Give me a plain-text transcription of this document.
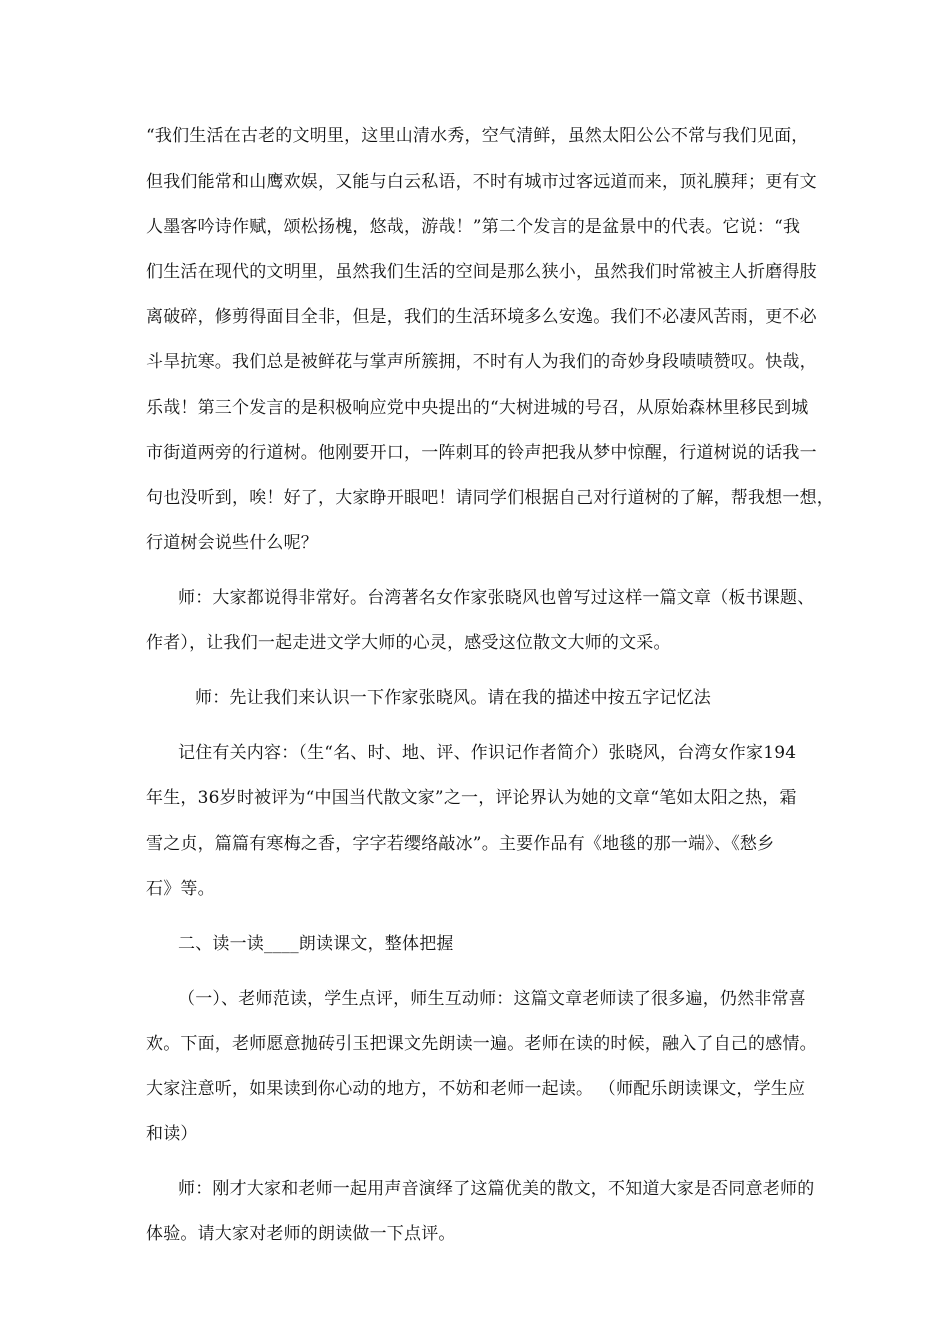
“我们生活在古老的文明里，这里山清水秀，空气清鲜，虽然太阳公公不常与我们见面，
但我们能常和山鹰欢娱，又能与白云私语，不时有城市过客远道而来，顶礼膜拜；更有文
人墨客吟诗作赋，颂松扬槐，悠哉，游哉！”第二个发言的是盆景中的代表。它说：“我
们生活在现代的文明里，虽然我们生活的空间是那么狭小，虽然我们时常被主人折磨得肢
离破碎，修剪得面目全非，但是，我们的生活环境多么安逸。我们不必凄风苦雨，更不必
斗旱抗寒。我们总是被鲜花与掌声所簇拥，不时有人为我们的奇妙身段啧啧赞叹。快哉，
乐哉！第三个发言的是积极响应党中央提出的“大树进城的号召，从原始森林里移民到城
市街道两旁的行道树。他刚要开口，一阵刺耳的铃声把我从梦中惊醒，行道树说的话我一
句也没听到，唉！好了，大家睁开眼吧！请同学们根据自己对行道树的了解，帮我想一想，
行道树会说些什么呢？
师：大家都说得非常好。台湾著名女作家张晓风也曾写过这样一篇文章（板书课题、
作者），让我们一起走进文学大师的心灵，感受这位散文大师的文采。
师：先让我们来认识一下作家张晓风。请在我的描述中按五字记忆法
记住有关内容：（生“名、时、地、评、作识记作者简介）张晓风，台湾女作家194
年生，36岁时被评为“中国当代散文家”之一，评论界认为她的文章“笔如太阳之热，霜
雪之贞，篇篇有寒梅之香，字字若缨络敲冰”。主要作品有《地毯的那一端》、《愁乡
石》等。
二、读一读____朗读课文，整体把握
（一）、老师范读，学生点评，师生互动师：这篇文章老师读了很多遍，仍然非常喜
欢。下面，老师愿意抛砖引玉把课文先朗读一遍。老师在读的时候，融入了自己的感情。
大家注意听，如果读到你心动的地方，不妨和老师一起读。 （师配乐朗读课文，学生应
和读）
师：刚才大家和老师一起用声音演绎了这篇优美的散文，不知道大家是否同意老师的
体验。请大家对老师的朗读做一下点评。
